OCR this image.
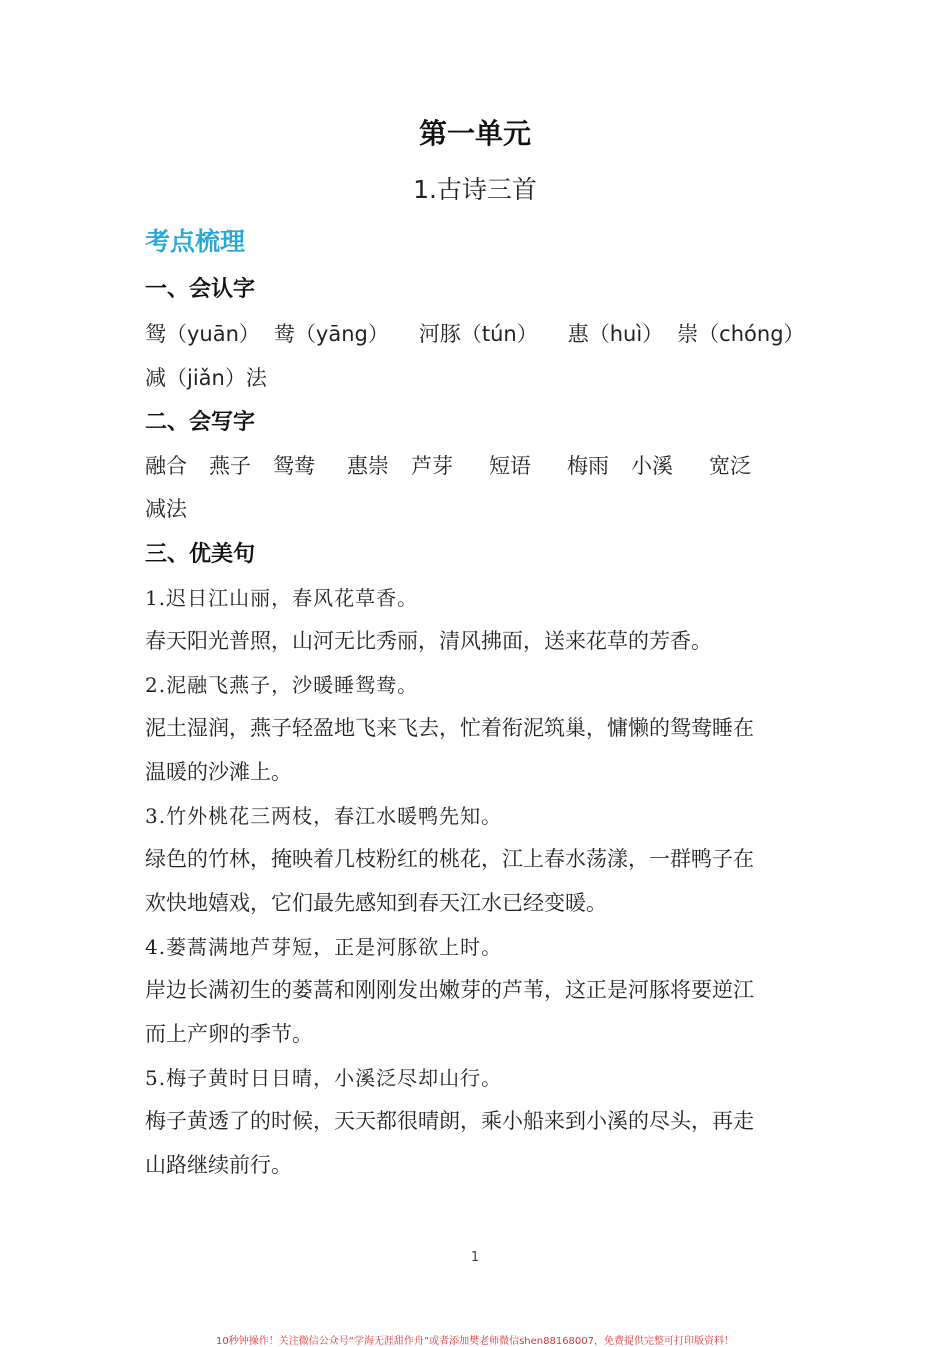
第一单元
1.古诗三首
考点梳理
一、会认字
鸳（yuān） 鸯（yāng） 河豚（tún） 惠（huì） 崇（chóng）
减（jiǎn）法
二、会写字
融合 燕子 鸳鸯 惠崇 芦芽 短语 梅雨 小溪 宽泛
减法
三、优美句
1.迟日江山丽，春风花草香。
春天阳光普照，山河无比秀丽，清风拂面，送来花草的芳香。
2.泥融飞燕子，沙暖睡鸳鸯。
泥土湿润，燕子轻盈地飞来飞去，忙着衔泥筑巢，慵懒的鸳鸯睡在
温暖的沙滩上。
3.竹外桃花三两枝，春江水暖鸭先知。
绿色的竹林，掩映着几枝粉红的桃花，江上春水荡漾，一群鸭子在
欢快地嬉戏，它们最先感知到春天江水已经变暖。
4.蒌蒿满地芦芽短，正是河豚欲上时。
岸边长满初生的蒌蒿和刚刚发出嫩芽的芦苇，这正是河豚将要逆江
而上产卵的季节。
5.梅子黄时日日晴，小溪泛尽却山行。
梅子黄透了的时候，天天都很晴朗，乘小船来到小溪的尽头，再走
山路继续前行。
1
10秒钟操作！关注微信公众号“学海无涯甜作舟”或者添加樊老师微信shen88168007，免费提供完整可打印版资料！
